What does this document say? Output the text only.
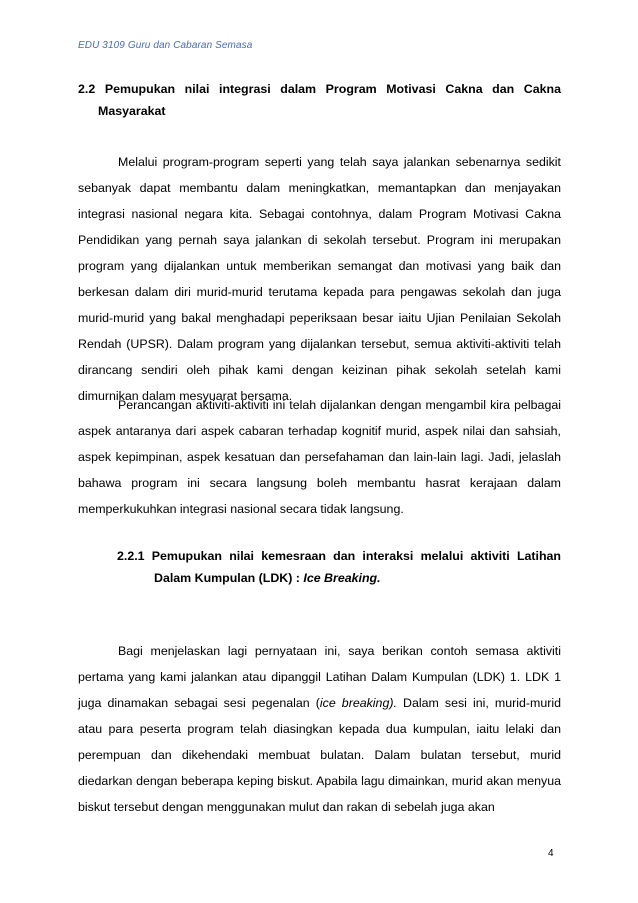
EDU 3109 Guru dan Cabaran Semasa

2.2 Pemupukan nilai integrasi dalam Program Motivasi Cakna dan Cakna

Masyarakat

Melalui program-program seperti yang telah saya jalankan sebenarnya sedikit sebanyak dapat membantu dalam meningkatkan, memantapkan dan menjayakan integrasi nasional negara kita. Sebagai contohnya, dalam Program Motivasi Cakna Pendidikan yang pernah saya jalankan di sekolah tersebut. Program ini merupakan program yang dijalankan untuk memberikan semangat dan motivasi yang baik dan berkesan dalam diri murid-murid terutama kepada para pengawas sekolah dan juga murid-murid yang bakal menghadapi peperiksaan besar iaitu Ujian Penilaian Sekolah Rendah (UPSR). Dalam program yang dijalankan tersebut, semua aktiviti-aktiviti telah dirancang sendiri oleh pihak kami dengan keizinan pihak sekolah setelah kami dimurnikan dalam mesyuarat bersama.

Perancangan aktiviti-aktiviti ini telah dijalankan dengan mengambil kira pelbagai aspek antaranya dari aspek cabaran terhadap kognitif murid, aspek nilai dan sahsiah, aspek kepimpinan, aspek kesatuan dan persefahaman dan lain-lain lagi. Jadi, jelaslah bahawa program ini secara langsung boleh membantu hasrat kerajaan dalam memperkukuhkan integrasi nasional secara tidak langsung.

2.2.1 Pemupukan nilai kemesraan dan interaksi melalui aktiviti Latihan

Dalam Kumpulan (LDK) : Ice Breaking.

Bagi menjelaskan lagi pernyataan ini, saya berikan contoh semasa aktiviti pertama yang kami jalankan atau dipanggil Latihan Dalam Kumpulan (LDK) 1. LDK 1 juga dinamakan sebagai sesi pegenalan (ice breaking). Dalam sesi ini, murid-murid atau para peserta program telah diasingkan kepada dua kumpulan, iaitu lelaki dan perempuan dan dikehendaki membuat bulatan. Dalam bulatan tersebut, murid diedarkan dengan beberapa keping biskut. Apabila lagu dimainkan, murid akan menyua biskut tersebut dengan menggunakan mulut dan rakan di sebelah juga akan

4
